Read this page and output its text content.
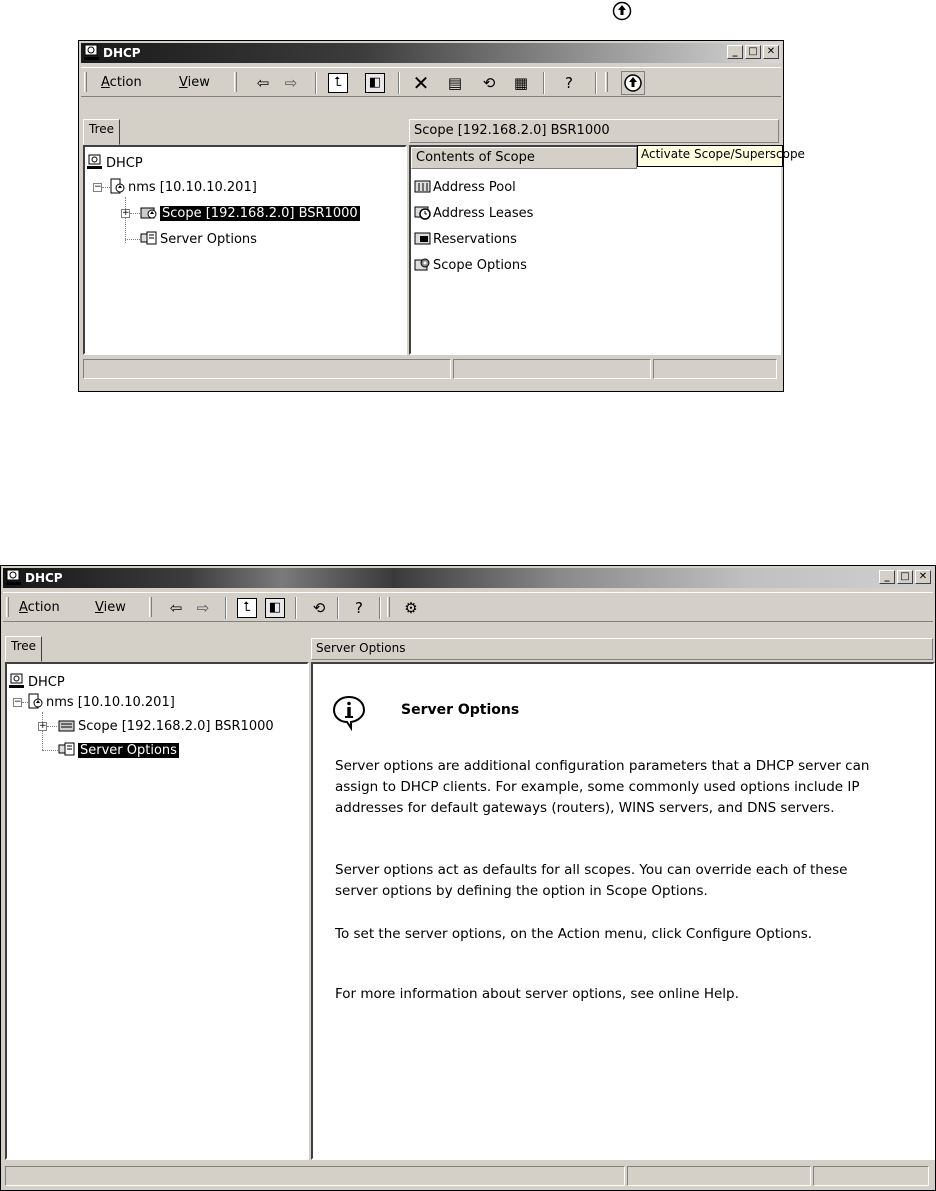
DHCP	_	□ ✕
Action	View	⇦ ⇨	⮤	◧ ✕ ▤ ⟲ ▦	?
Tree	Scope [192.168.2.0] BSR1000
DHCP
−	nms [10.10.10.201]
+	Scope [192.168.2.0] BSR1000
Server Options
Contents of Scope
Address Pool
Address Leases
Reservations
Scope Options
Activate Scope/Superscope
DHCP	_	□ ✕
Action	View	⇦ ⇨	⮤	◧ ⟲	?	⚙
Tree	Server Options
DHCP
−	nms [10.10.10.201]
+	Scope [192.168.2.0] BSR1000
Server Options
Server Options
Server options are additional configuration parameters that a DHCP server can assign to DHCP clients. For example, some commonly used options include IP addresses for default gateways (routers), WINS servers, and DNS servers.
Server options act as defaults for all scopes. You can override each of these server options by defining the option in Scope Options.
To set the server options, on the Action menu, click Configure Options.
For more information about server options, see online Help.
